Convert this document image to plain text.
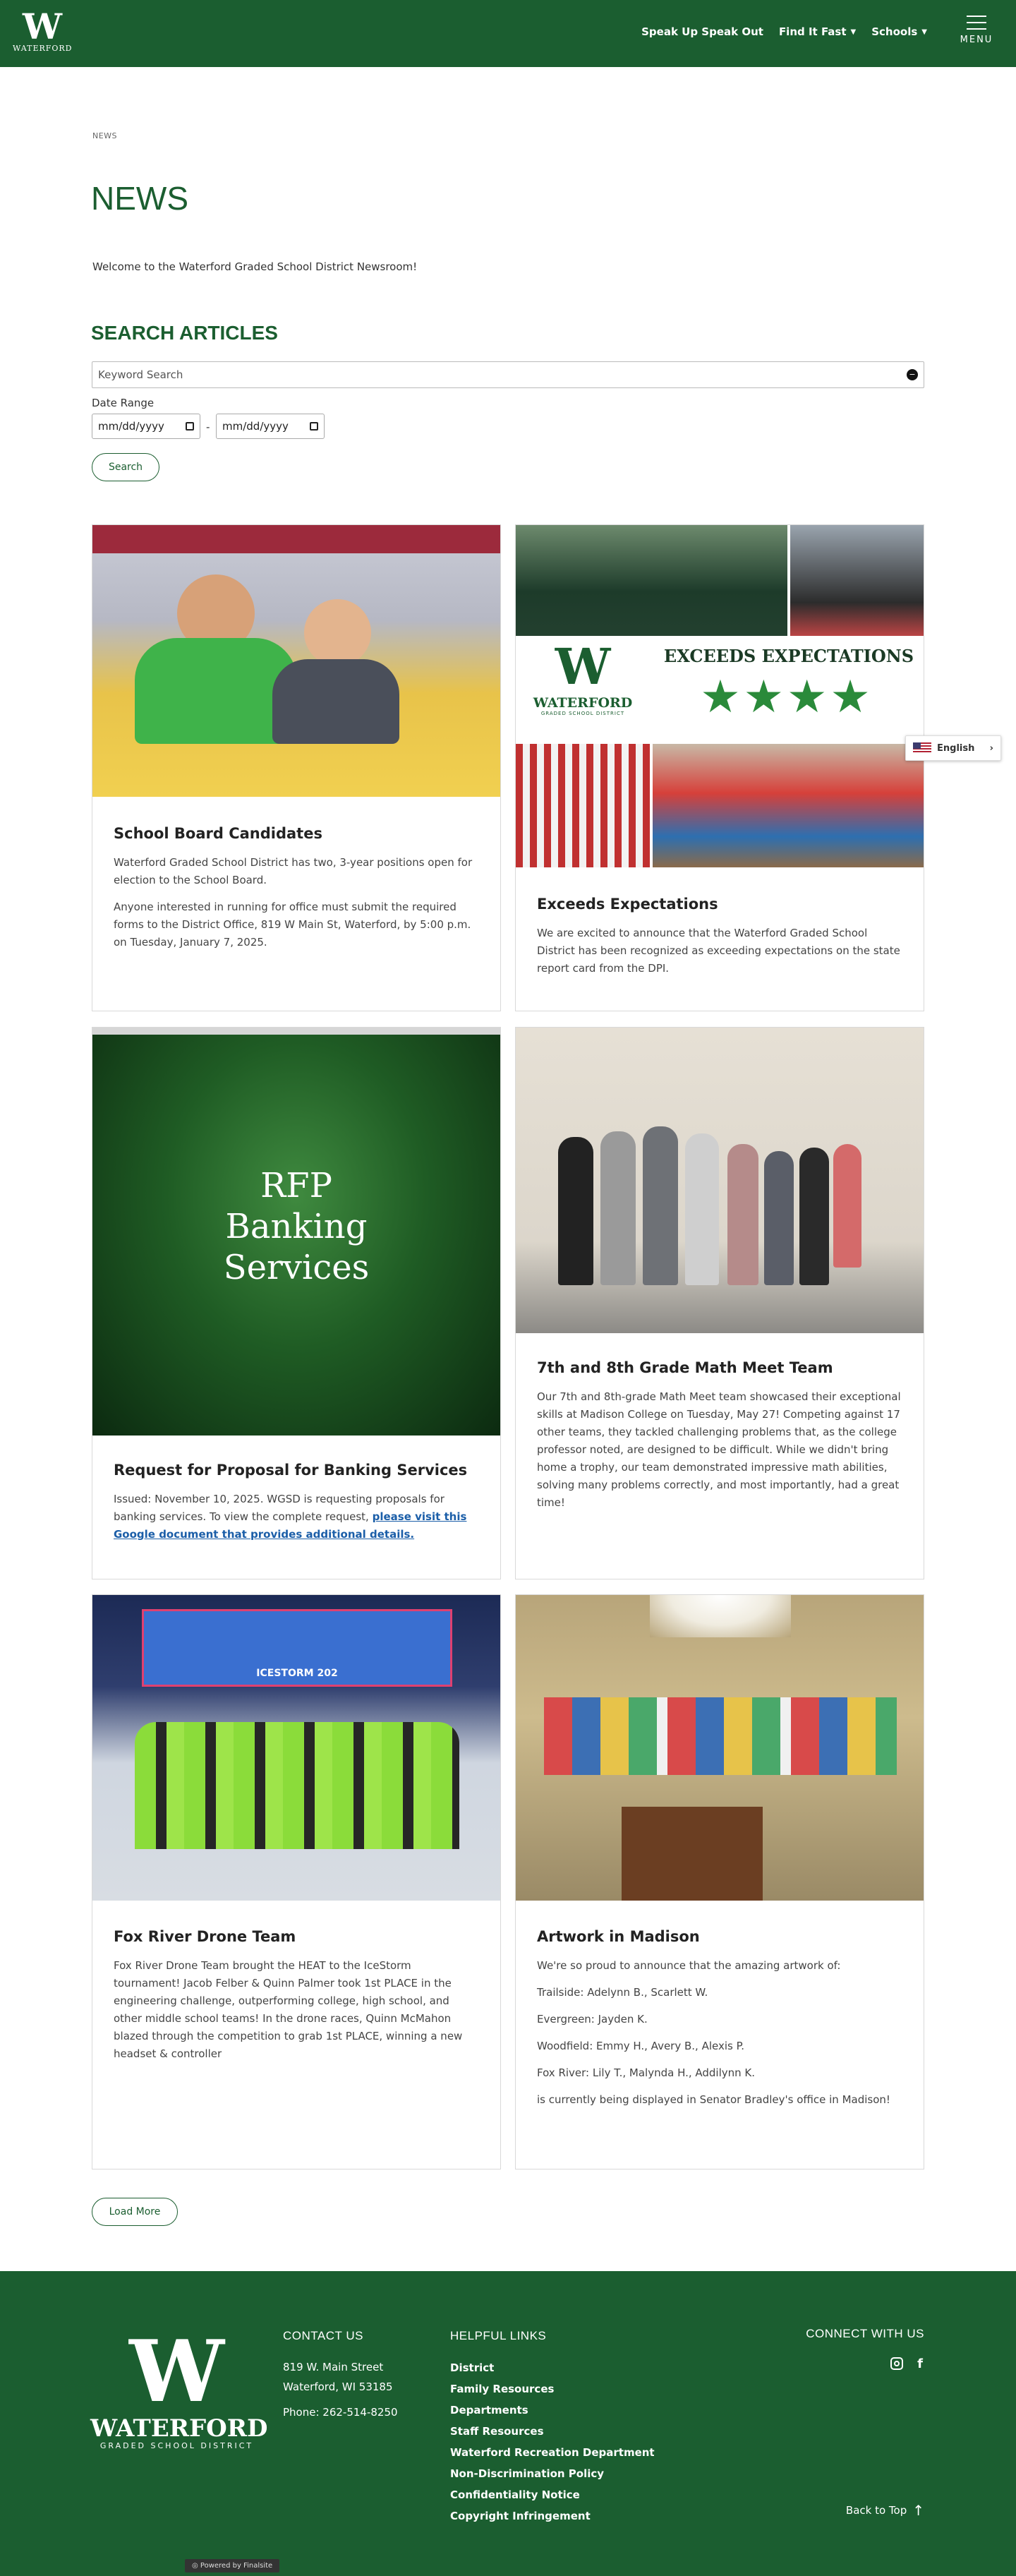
W
WATERFORD
Speak Up Speak Out Find It Fast ▼ Schools ▼
MENU
NEWS
NEWS
Welcome to the Waterford Graded School District Newsroom!
SEARCH ARTICLES
Keyword Search	−
Date Range
mm/dd/yyyy	- mm/dd/yyyy
Search
School Board Candidates

Waterford Graded School District has two, 3-year positions open for election to the School Board.

Anyone interested in running for office must submit the required forms to the District Office, 819 W Main St, Waterford, by 5:00 p.m. on Tuesday, January 7, 2025.

W
WATERFORD
GRADED SCHOOL DISTRICT
EXCEEDS EXPECTATIONS
★★★★
Exceeds Expectations

We are excited to announce that the Waterford Graded School District has been recognized as exceeding expectations on the state report card from the DPI.

RFP
Banking
Services
Request for Proposal for Banking Services

Issued: November 10, 2025. WGSD is requesting proposals for banking services. To view the complete request, please visit this Google document that provides additional details.

7th and 8th Grade Math Meet Team

Our 7th and 8th-grade Math Meet team showcased their exceptional skills at Madison College on Tuesday, May 27! Competing against 17 other teams, they tackled challenging problems that, as the college professor noted, are designed to be difficult. While we didn't bring home a trophy, our team demonstrated impressive math abilities, solving many problems correctly, and most importantly, had a great time!

ICESTORM 202
Fox River Drone Team

Fox River Drone Team brought the HEAT to the IceStorm tournament! Jacob Felber & Quinn Palmer took 1st PLACE in the engineering challenge, outperforming college, high school, and other middle school teams! In the drone races, Quinn McMahon blazed through the competition to grab 1st PLACE, winning a new headset & controller

Artwork in Madison

We're so proud to announce that the amazing artwork of:

Trailside: Adelynn B., Scarlett W.

Evergreen: Jayden K.

Woodfield: Emmy H., Avery B., Alexis P.

Fox River: Lily T., Malynda H., Addilynn K.

is currently being displayed in Senator Bradley's office in Madison!

Load More
English ›
W
WATERFORD
GRADED SCHOOL DISTRICT
CONTACT US
819 W. Main Street
Waterford, WI 53185
Phone: 262-514-8250
HELPFUL LINKS
District
Family Resources
Departments
Staff Resources
Waterford Recreation Department
Non-Discrimination Policy
Confidentiality Notice
Copyright Infringement
CONNECT WITH US
f
Back to Top ↑
◎ Powered by Finalsite
